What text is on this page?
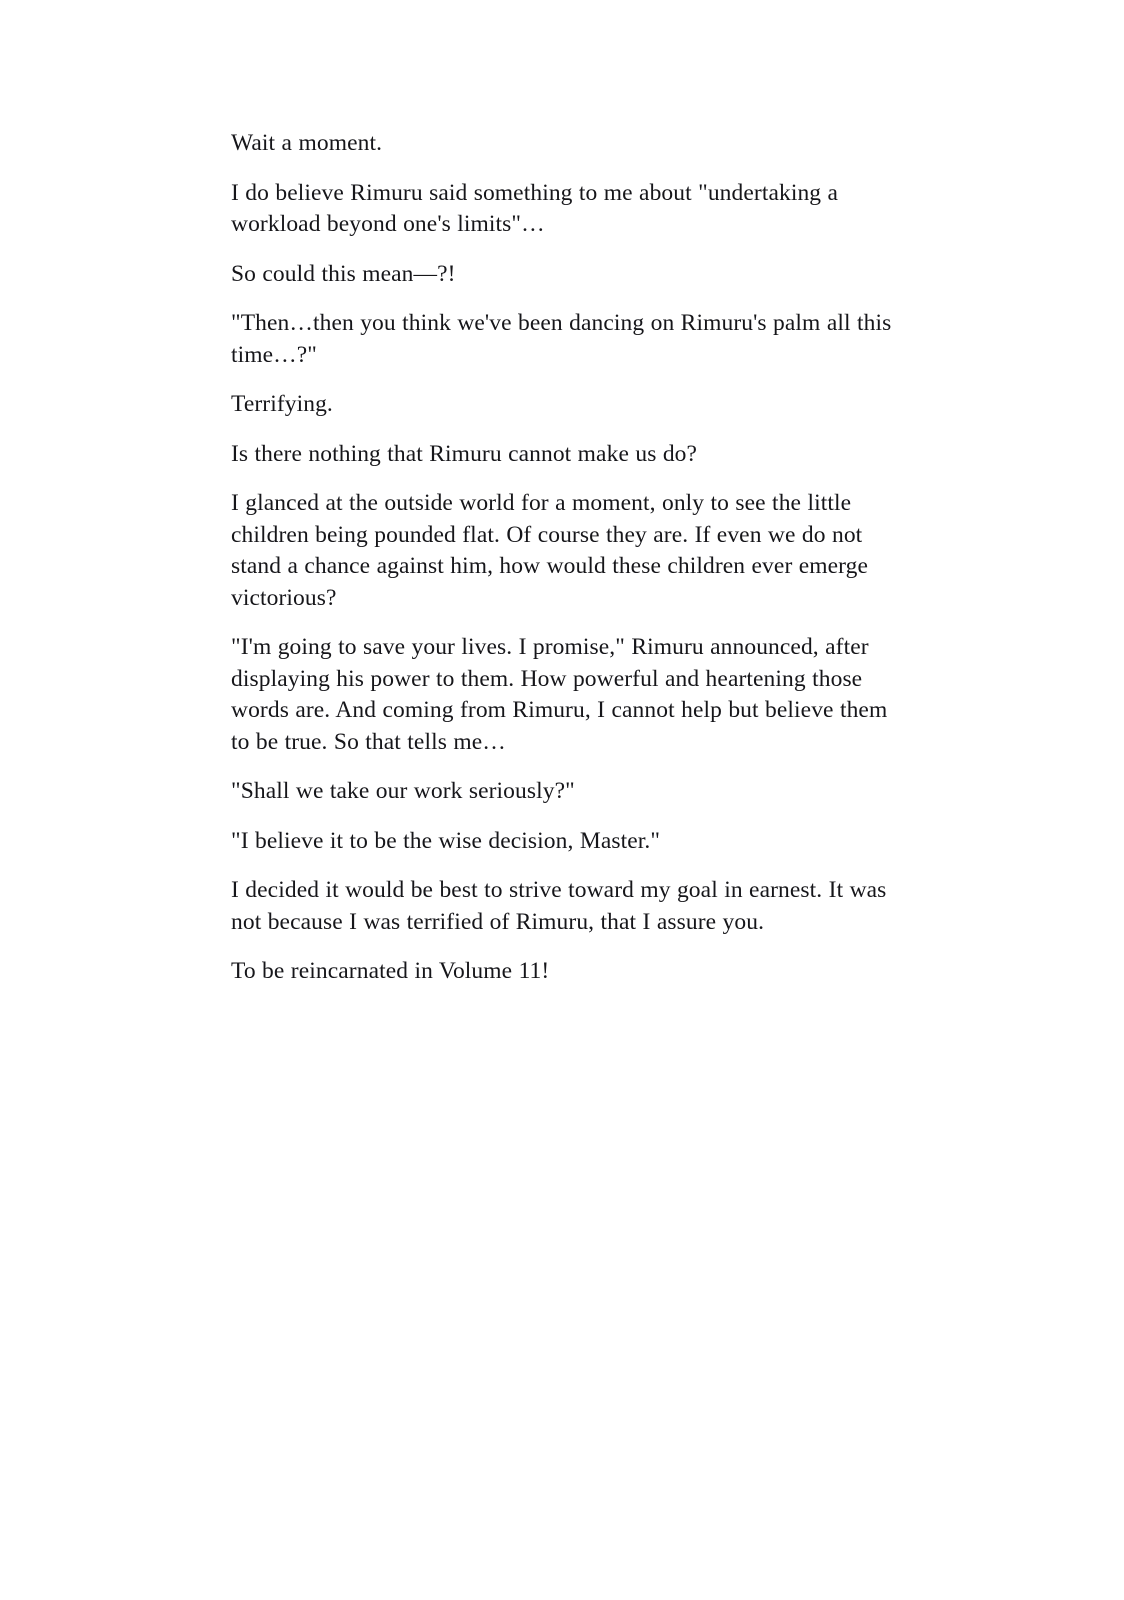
Wait a moment.

I do believe Rimuru said something to me about "undertaking a workload beyond one's limits"…

So could this mean—?!

"Then…then you think we've been dancing on Rimuru's palm all this time…?"

Terrifying.

Is there nothing that Rimuru cannot make us do?

I glanced at the outside world for a moment, only to see the little children being pounded flat. Of course they are. If even we do not stand a chance against him, how would these children ever emerge victorious?

"I'm going to save your lives. I promise," Rimuru announced, after displaying his power to them. How powerful and heartening those words are. And coming from Rimuru, I cannot help but believe them to be true. So that tells me…

"Shall we take our work seriously?"

"I believe it to be the wise decision, Master."

I decided it would be best to strive toward my goal in earnest. It was not because I was terrified of Rimuru, that I assure you.

To be reincarnated in Volume 11!
